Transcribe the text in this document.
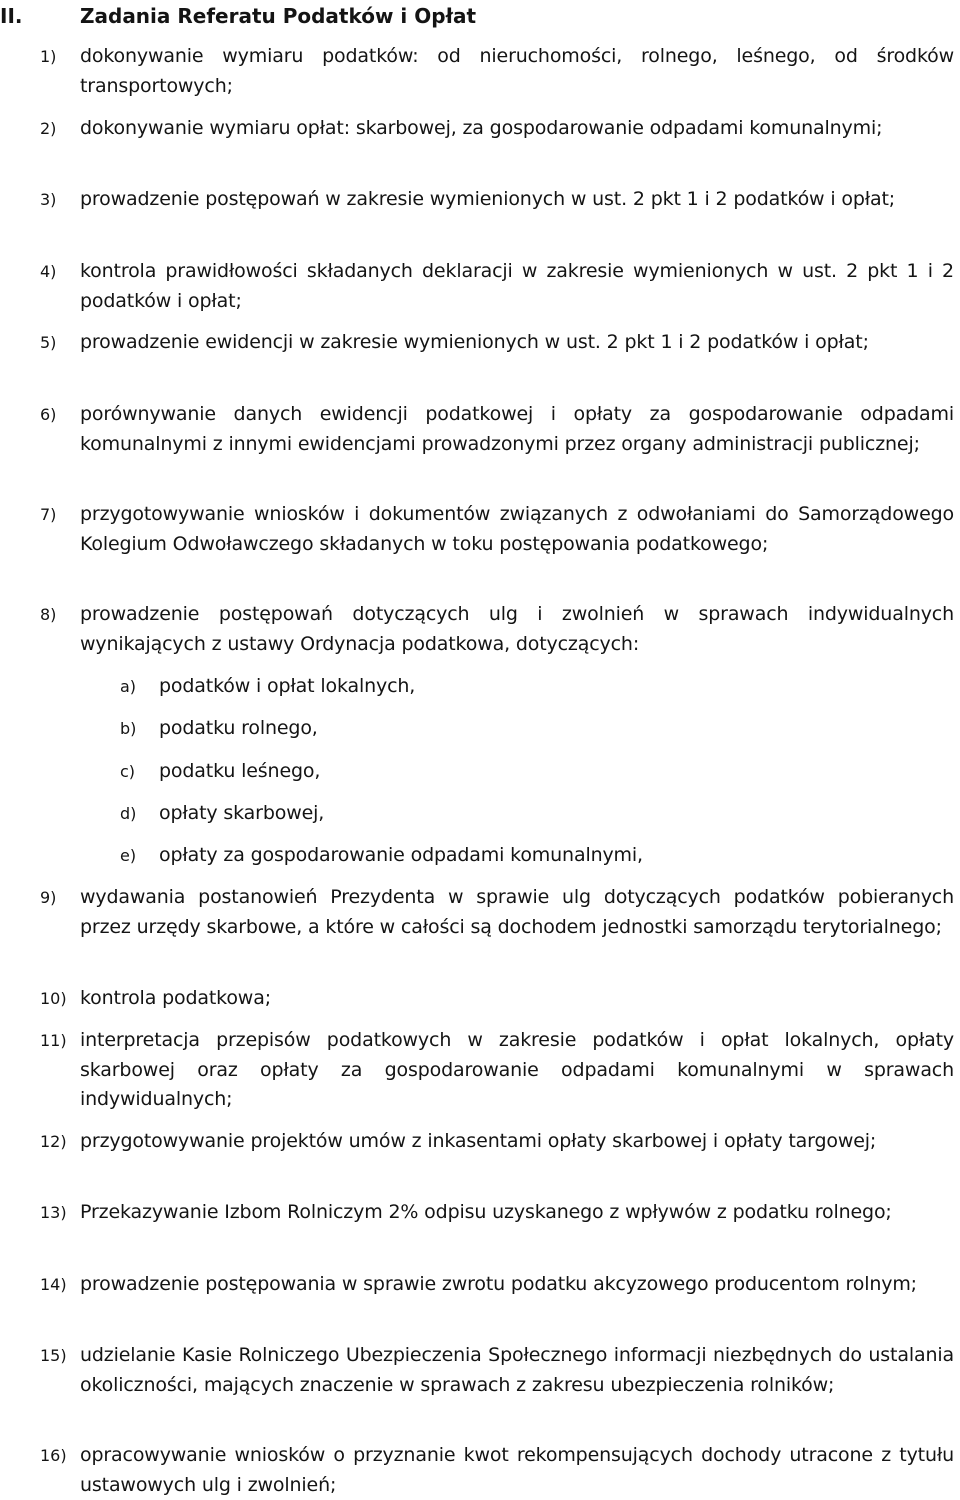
II.	Zadania Referatu Podatków i Opłat
1) dokonywanie wymiaru podatków: od nieruchomości, rolnego, leśnego, od środków transportowych;
2) dokonywanie wymiaru opłat: skarbowej, za gospodarowanie odpadami komunalnymi;
3) prowadzenie postępowań w zakresie wymienionych w ust. 2 pkt 1 i 2 podatków i opłat;
4) kontrola prawidłowości składanych deklaracji w zakresie wymienionych w ust. 2 pkt 1 i 2 podatków i opłat;
5) prowadzenie ewidencji w zakresie wymienionych w ust. 2 pkt 1 i 2 podatków i opłat;
6) porównywanie danych ewidencji podatkowej i opłaty za gospodarowanie odpadami komunalnymi z innymi ewidencjami prowadzonymi przez organy administracji publicznej;
7) przygotowywanie wniosków i dokumentów związanych z odwołaniami do Samorządowego Kolegium Odwoławczego składanych w toku postępowania podatkowego;
8) prowadzenie postępowań dotyczących ulg i zwolnień w sprawach indywidualnych wynikających z ustawy Ordynacja podatkowa, dotyczących:
a) podatków i opłat lokalnych,
b) podatku rolnego,
c) podatku leśnego,
d) opłaty skarbowej,
e) opłaty za gospodarowanie odpadami komunalnymi,
9) wydawania postanowień Prezydenta w sprawie ulg dotyczących podatków pobieranych przez urzędy skarbowe, a które w całości są dochodem jednostki samorządu terytorialnego;
10) kontrola podatkowa;
11) interpretacja przepisów podatkowych w zakresie podatków i opłat lokalnych, opłaty skarbowej oraz opłaty za gospodarowanie odpadami komunalnymi w sprawach indywidualnych;
12) przygotowywanie projektów umów z inkasentami opłaty skarbowej i opłaty targowej;
13) Przekazywanie Izbom Rolniczym 2% odpisu uzyskanego z wpływów z podatku rolnego;
14) prowadzenie postępowania w sprawie zwrotu podatku akcyzowego producentom rolnym;
15) udzielanie Kasie Rolniczego Ubezpieczenia Społecznego informacji niezbędnych do ustalania okoliczności, mających znaczenie w sprawach z zakresu ubezpieczenia rolników;
16) opracowywanie wniosków o przyznanie kwot rekompensujących dochody utracone z tytułu ustawowych ulg i zwolnień;
